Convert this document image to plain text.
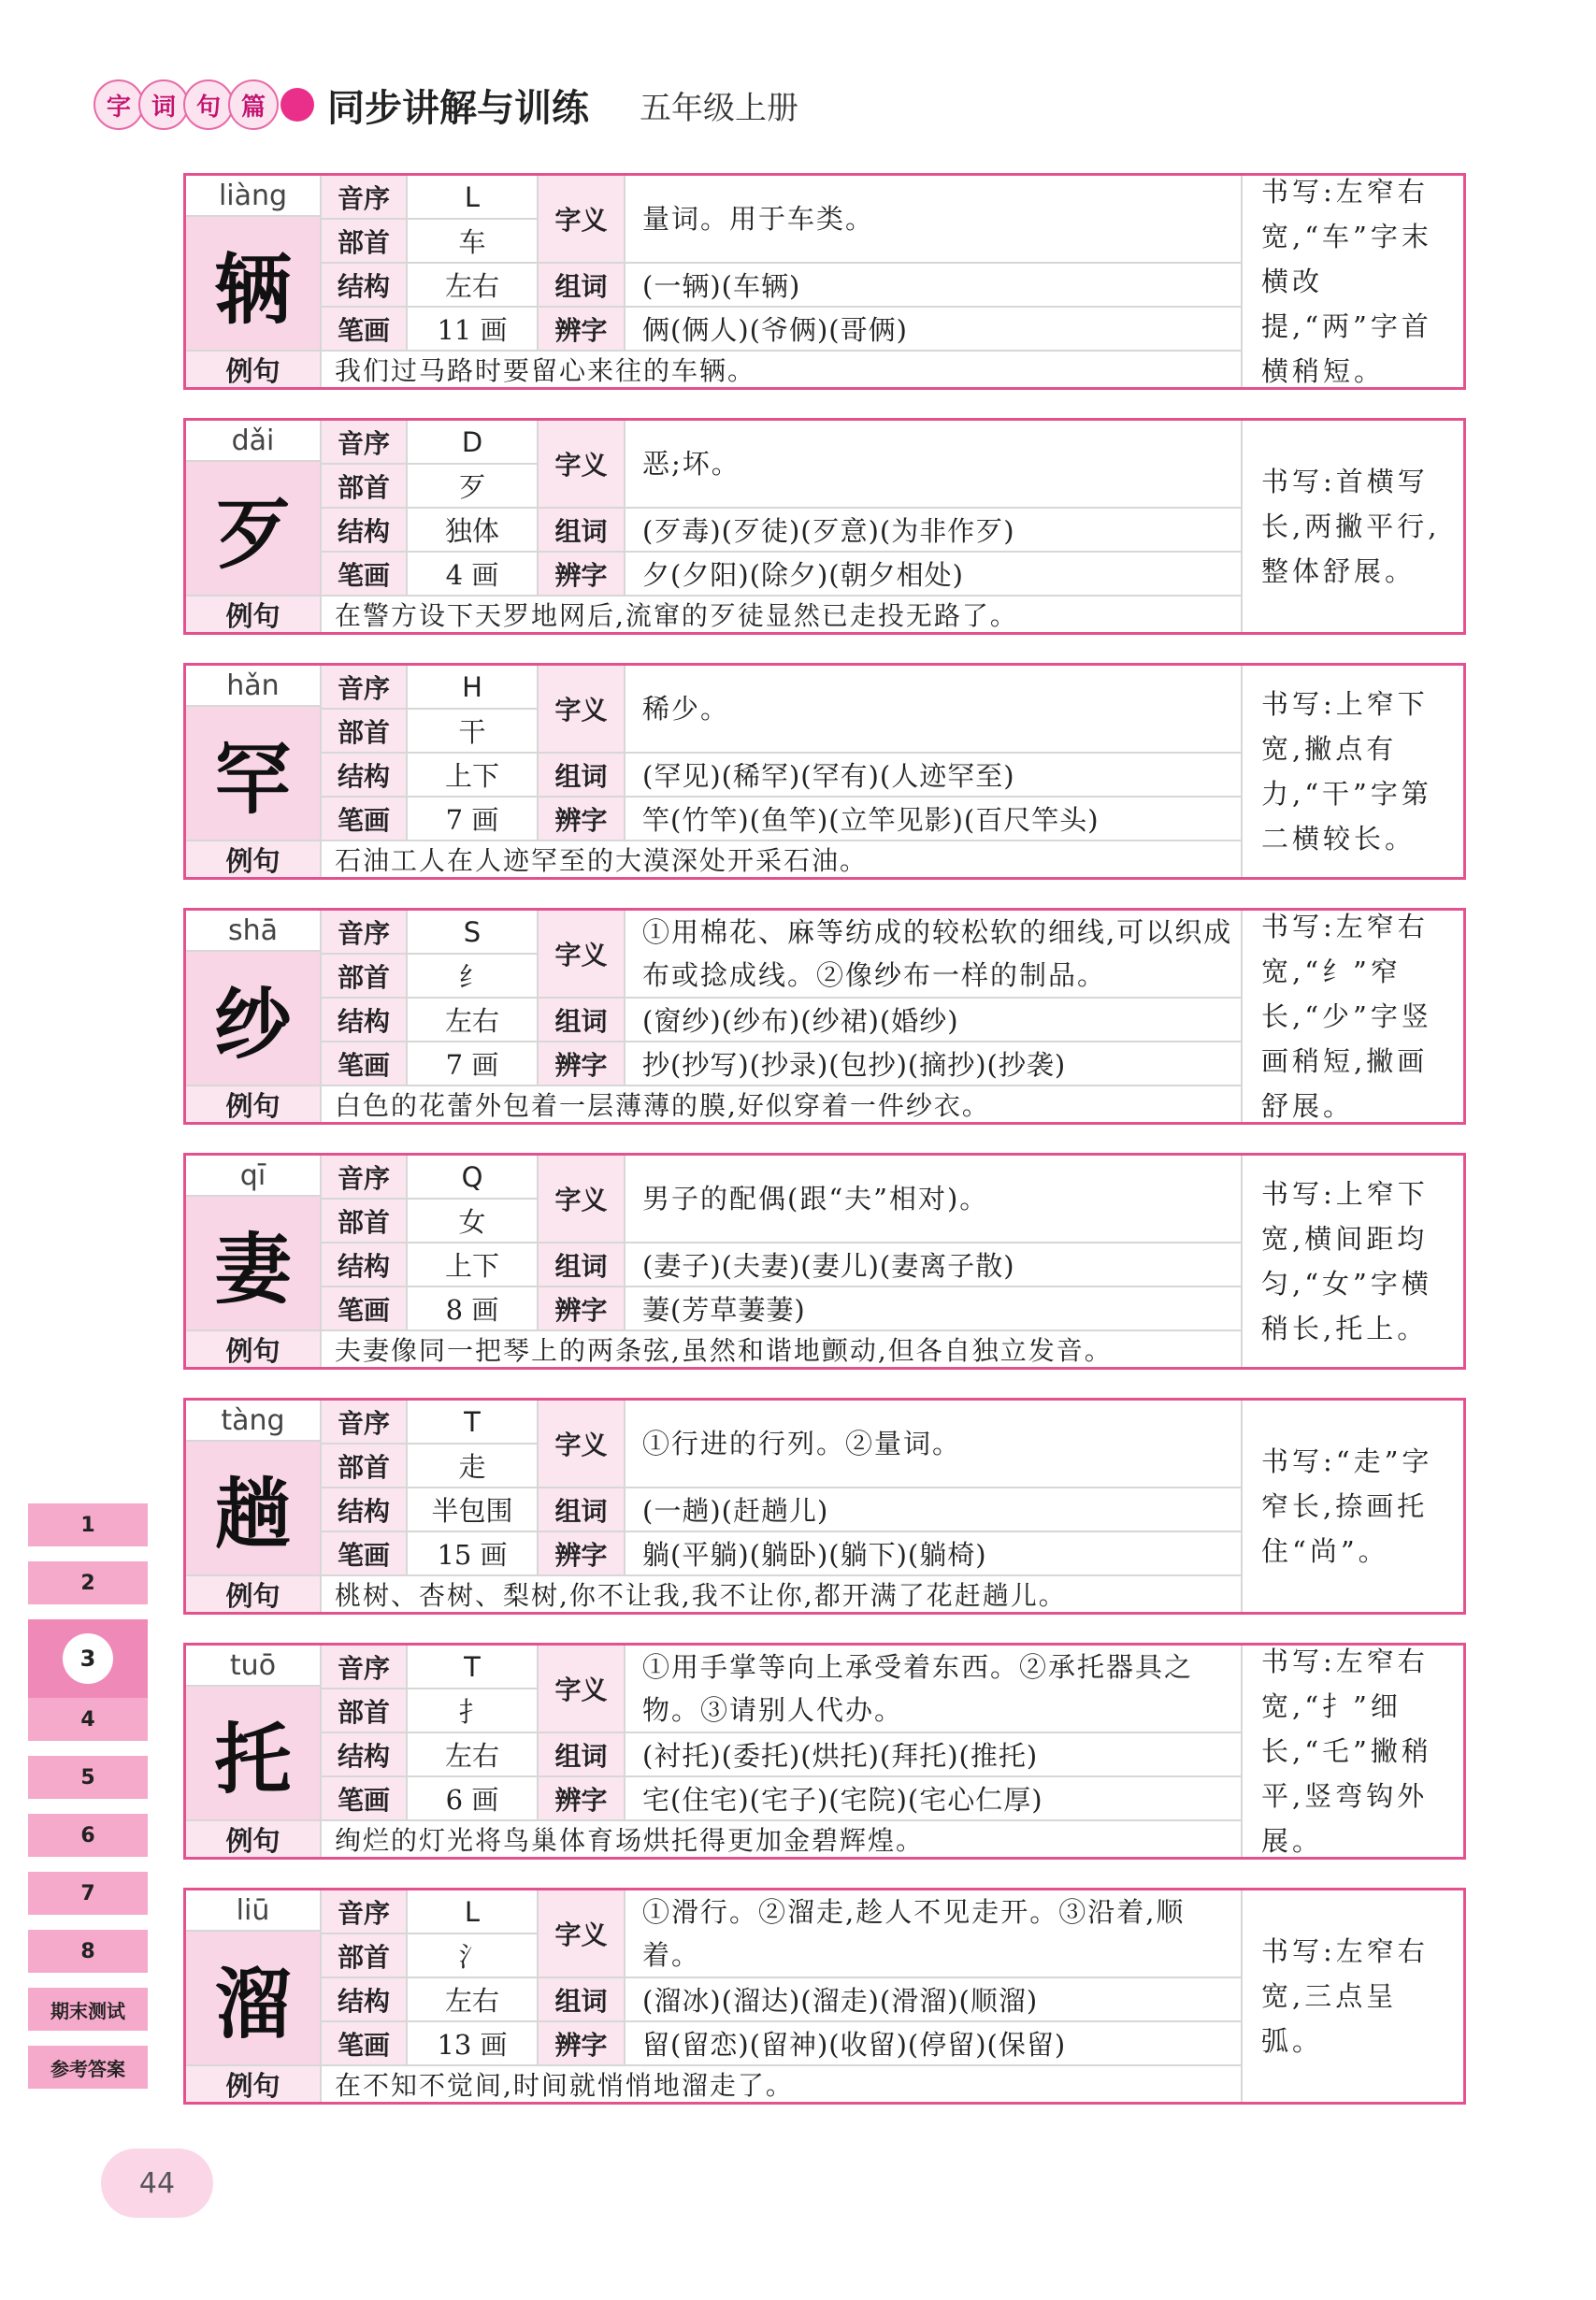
字 词 句 篇	同步讲解与训练 五年级上册
liàng
辆
音序	L
部首	车
结构	左右
笔画	11 画
字义	量词。用于车类。
组词	(一辆)(车辆)
辨字	俩(俩人)(爷俩)(哥俩)
书写:左窄右宽,“车”字末横改提,“两”字首横稍短。
例句	我们过马路时要留心来往的车辆。
dǎi
歹
音序	D
部首	歹
结构	独体
笔画	4 画
字义	恶;坏。
组词	(歹毒)(歹徒)(歹意)(为非作歹)
辨字	夕(夕阳)(除夕)(朝夕相处)
书写:首横写长,两撇平行,整体舒展。
例句	在警方设下天罗地网后,流窜的歹徒显然已走投无路了。
hǎn
罕
音序	H
部首	干
结构	上下
笔画	7 画
字义	稀少。
组词	(罕见)(稀罕)(罕有)(人迹罕至)
辨字	竿(竹竿)(鱼竿)(立竿见影)(百尺竿头)
书写:上窄下宽,撇点有力,“干”字第二横较长。
例句	石油工人在人迹罕至的大漠深处开采石油。
shā
纱
音序	S
部首	纟
结构	左右
笔画	7 画
字义
①用棉花、麻等纺成的较松软的细线,可以织成布或捻成线。②像纱布一样的制品。
组词	(窗纱)(纱布)(纱裙)(婚纱)
辨字	抄(抄写)(抄录)(包抄)(摘抄)(抄袭)
书写:左窄右宽,“纟”窄长,“少”字竖画稍短,撇画舒展。
例句	白色的花蕾外包着一层薄薄的膜,好似穿着一件纱衣。
qī
妻
音序	Q
部首	女
结构	上下
笔画	8 画
字义	男子的配偶(跟“夫”相对)。
组词	(妻子)(夫妻)(妻儿)(妻离子散)
辨字	萋(芳草萋萋)
书写:上窄下宽,横间距均匀,“女”字横稍长,托上。
例句	夫妻像同一把琴上的两条弦,虽然和谐地颤动,但各自独立发音。
tàng
趟
音序	T
部首	走
结构	半包围
笔画	15 画
字义	①行进的行列。②量词。
组词	(一趟)(赶趟儿)
辨字	躺(平躺)(躺卧)(躺下)(躺椅)
书写:“走”字窄长,捺画托住“尚”。
例句	桃树、杏树、梨树,你不让我,我不让你,都开满了花赶趟儿。
tuō
托
音序	T
部首	扌
结构	左右
笔画	6 画
字义
①用手掌等向上承受着东西。②承托器具之物。③请别人代办。
组词	(衬托)(委托)(烘托)(拜托)(推托)
辨字	宅(住宅)(宅子)(宅院)(宅心仁厚)
书写:左窄右宽,“扌”细长,“乇”撇稍平,竖弯钩外展。
例句	绚烂的灯光将鸟巢体育场烘托得更加金碧辉煌。
liū
溜
音序	L
部首	氵
结构	左右
笔画	13 画
字义
①滑行。②溜走,趁人不见走开。③沿着,顺着。
组词	(溜冰)(溜达)(溜走)(滑溜)(顺溜)
辨字	留(留恋)(留神)(收留)(停留)(保留)
书写:左窄右宽,三点呈弧。
例句	在不知不觉间,时间就悄悄地溜走了。
1
2
3
4
5
6
7
8
期末测试
参考答案
44
